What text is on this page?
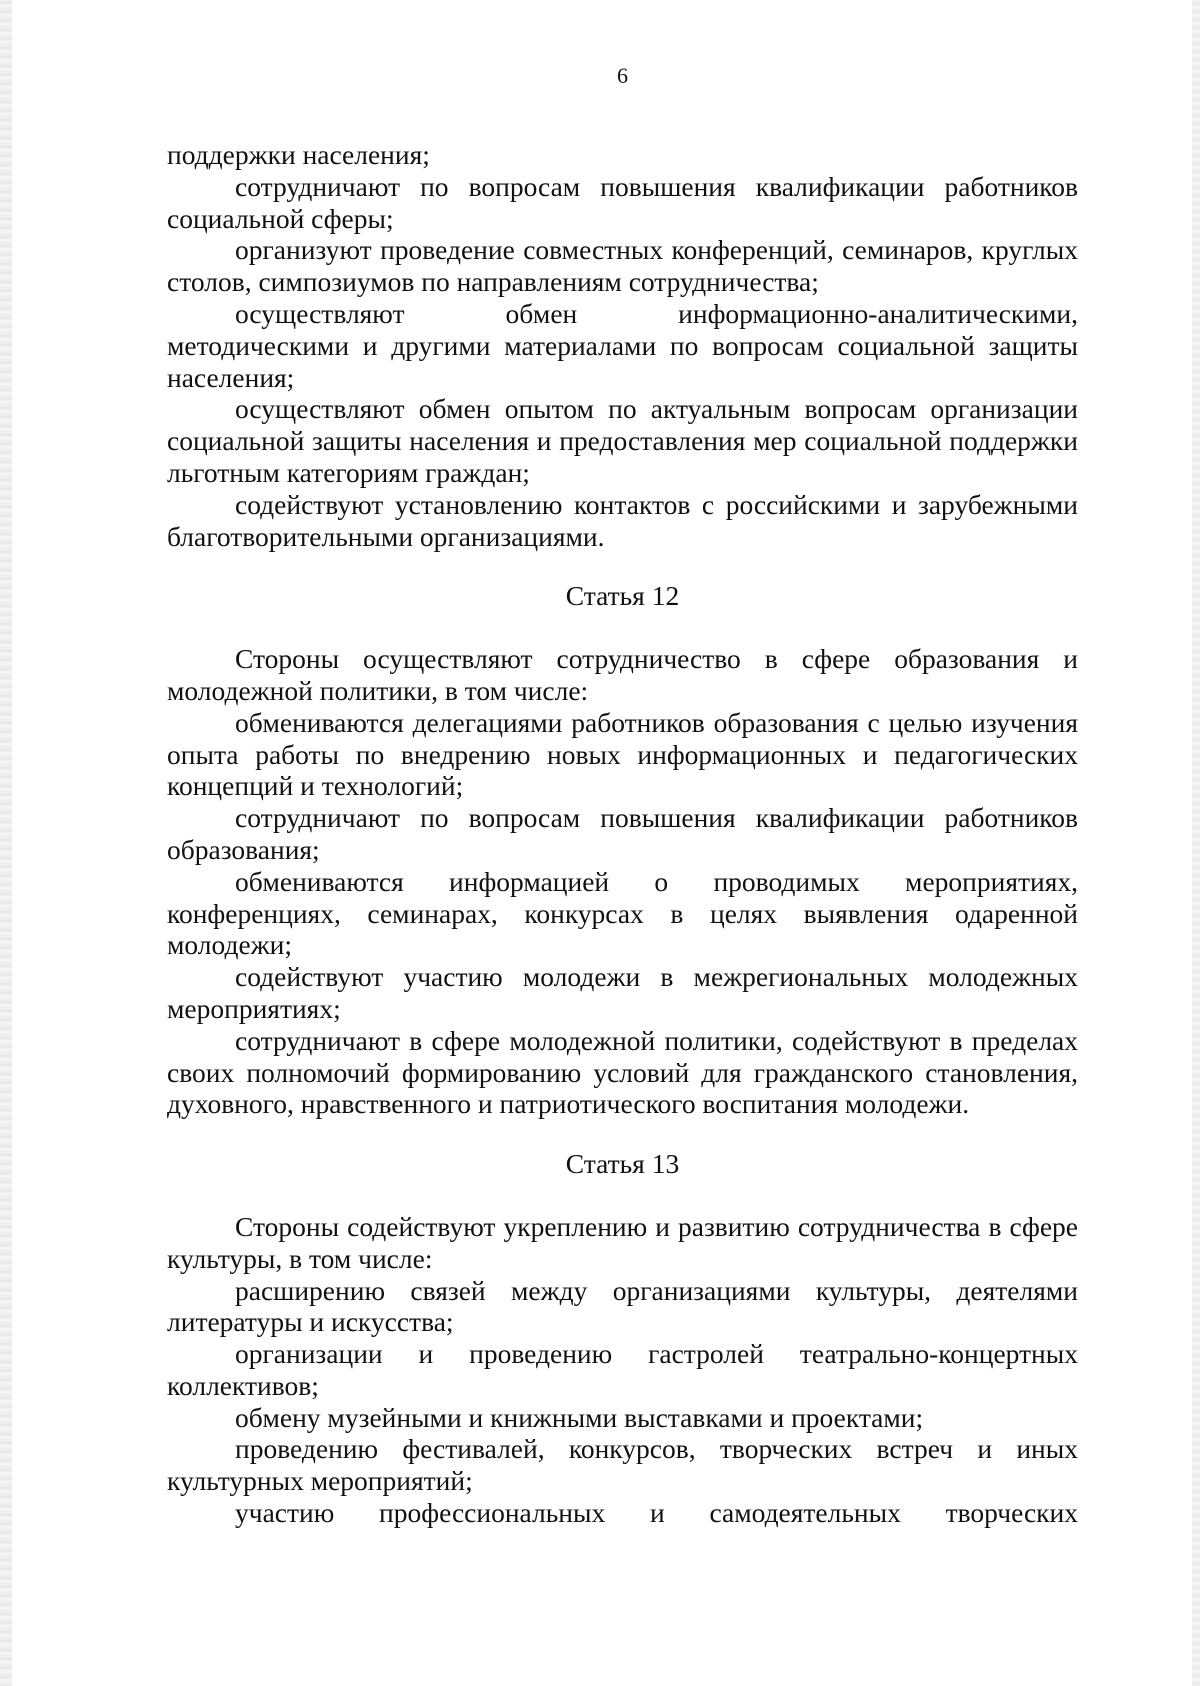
6

поддержки населения;

сотрудничают по вопросам повышения квалификации работников социальной сферы;

организуют проведение совместных конференций, семинаров, круглых столов, симпозиумов по направлениям сотрудничества;

осуществляют обмен информационно-аналитическими, методическими и другими материалами по вопросам социальной защиты населения;

осуществляют обмен опытом по актуальным вопросам организации социальной защиты населения и предоставления мер социальной поддержки льготным категориям граждан;

содействуют установлению контактов с российскими и зарубежными благотворительными организациями.

Статья 12

Стороны осуществляют сотрудничество в сфере образования и молодежной политики, в том числе:

обмениваются делегациями работников образования с целью изучения опыта работы по внедрению новых информационных и педагогических концепций и технологий;

сотрудничают по вопросам повышения квалификации работников образования;

обмениваются информацией о проводимых мероприятиях, конференциях, семинарах, конкурсах в целях выявления одаренной молодежи;

содействуют участию молодежи в межрегиональных молодежных мероприятиях;

сотрудничают в сфере молодежной политики, содействуют в пределах своих полномочий формированию условий для гражданского становления, духовного, нравственного и патриотического воспитания молодежи.

Статья 13

Стороны содействуют укреплению и развитию сотрудничества в сфере культуры, в том числе:

расширению связей между организациями культуры, деятелями литературы и искусства;

организации и проведению гастролей театрально-концертных коллективов;

обмену музейными и книжными выставками и проектами;

проведению фестивалей, конкурсов, творческих встреч и иных культурных мероприятий;

участию профессиональных и самодеятельных творческих
